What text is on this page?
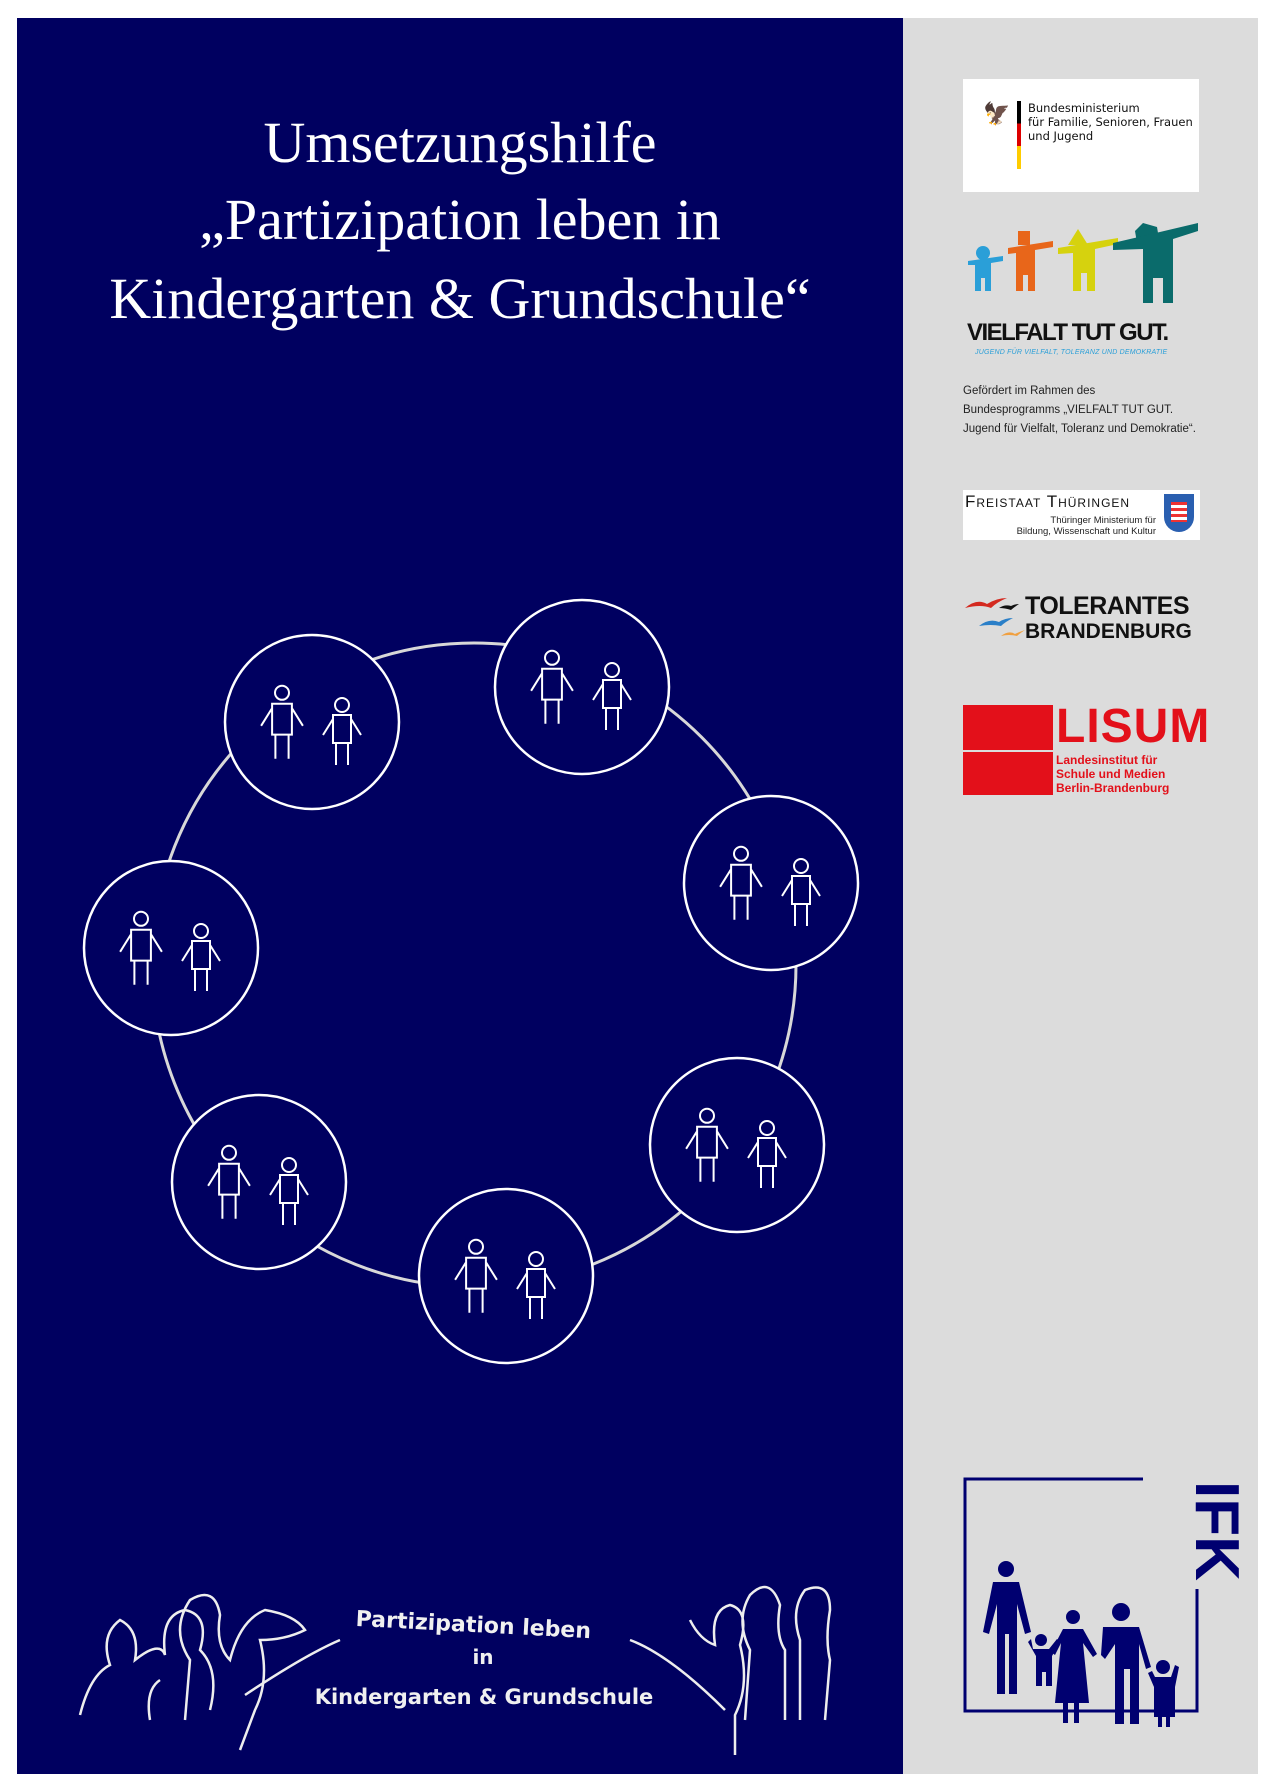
Umsetzungshilfe
„Partizipation leben in
Kindergarten & Grundschule“
Partizipation leben
in
Kindergarten & Grundschule
🦅 Bundesministerium
für Familie, Senioren, Frauen
und Jugend
VIELFALT TUT GUT.
JUGEND FÜR VIELFALT, TOLERANZ UND DEMOKRATIE
Gefördert im Rahmen des
Bundesprogramms „VIELFALT TUT GUT.
Jugend für Vielfalt, Toleranz und Demokratie“.
Freistaat Thüringen
Thüringer Ministerium für
Bildung, Wissenschaft und Kultur
TOLERANTES
BRANDENBURG
LISUM
Landesinstitut für
Schule und Medien
Berlin-Brandenburg
IFK
